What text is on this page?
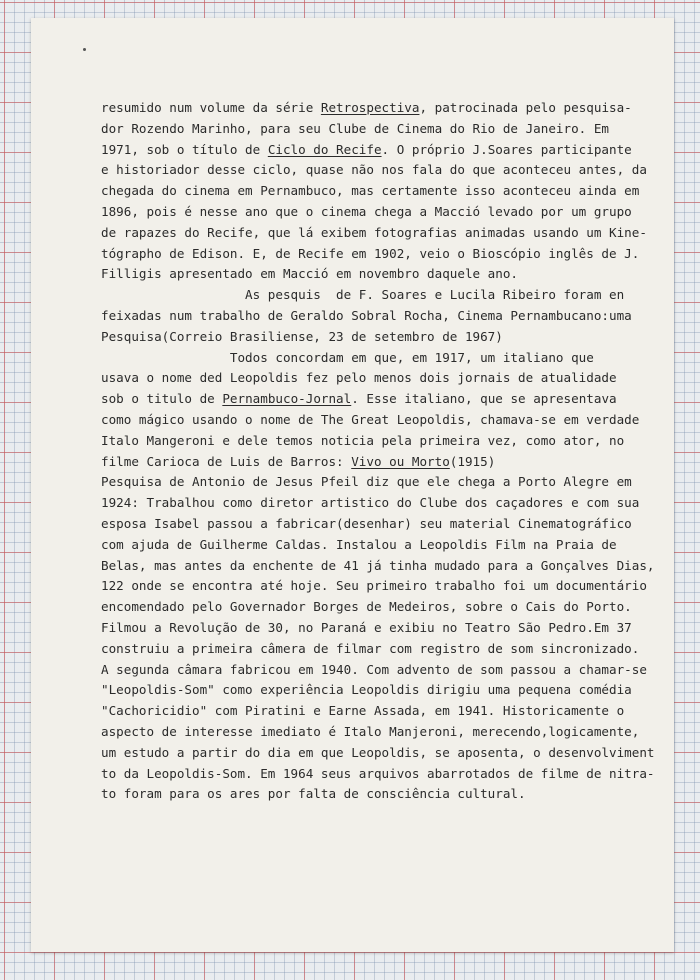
resumido num volume da série Retrospectiva, patrocinada pelo pesquisa-
dor Rozendo Marinho, para seu Clube de Cinema do Rio de Janeiro. Em
1971, sob o título de Ciclo do Recife. O próprio J.Soares participante
e historiador desse ciclo, quase não nos fala do que aconteceu antes, da
chegada do cinema em Pernambuco, mas certamente isso aconteceu ainda em
1896, pois é nesse ano que o cinema chega a Macció levado por um grupo
de rapazes do Recife, que lá exibem fotografias animadas usando um Kine-
tógrapho de Edison. E, de Recife em 1902, veio o Bioscópio inglês de J.
Filligis apresentado em Macció em novembro daquele ano.
As pesquis  de F. Soares e Lucila Ribeiro foram en
feixadas num trabalho de Geraldo Sobral Rocha, Cinema Pernambucano:uma
Pesquisa(Correio Brasiliense, 23 de setembro de 1967)
Todos concordam em que, em 1917, um italiano que
usava o nome ded Leopoldis fez pelo menos dois jornais de atualidade
sob o titulo de Pernambuco-Jornal. Esse italiano, que se apresentava
como mágico usando o nome de The Great Leopoldis, chamava-se em verdade
Italo Mangeroni e dele temos noticia pela primeira vez, como ator, no
filme Carioca de Luis de Barros: Vivo ou Morto(1915)
Pesquisa de Antonio de Jesus Pfeil diz que ele chega a Porto Alegre em
1924: Trabalhou como diretor artistico do Clube dos caçadores e com sua
esposa Isabel passou a fabricar(desenhar) seu material Cinematográfico
com ajuda de Guilherme Caldas. Instalou a Leopoldis Film na Praia de
Belas, mas antes da enchente de 41 já tinha mudado para a Gonçalves Dias,
122 onde se encontra até hoje. Seu primeiro trabalho foi um documentário
encomendado pelo Governador Borges de Medeiros, sobre o Cais do Porto.
Filmou a Revolução de 30, no Paraná e exibiu no Teatro São Pedro.Em 37
construiu a primeira câmera de filmar com registro de som sincronizado.
A segunda câmara fabricou em 1940. Com advento de som passou a chamar-se
"Leopoldis-Som" como experiência Leopoldis dirigiu uma pequena comédia
"Cachoricidio" com Piratini e Earne Assada, em 1941. Historicamente o
aspecto de interesse imediato é Italo Manjeroni, merecendo,logicamente,
um estudo a partir do dia em que Leopoldis, se aposenta, o desenvolviment
to da Leopoldis-Som. Em 1964 seus arquivos abarrotados de filme de nitra-
to foram para os ares por falta de consciência cultural.
